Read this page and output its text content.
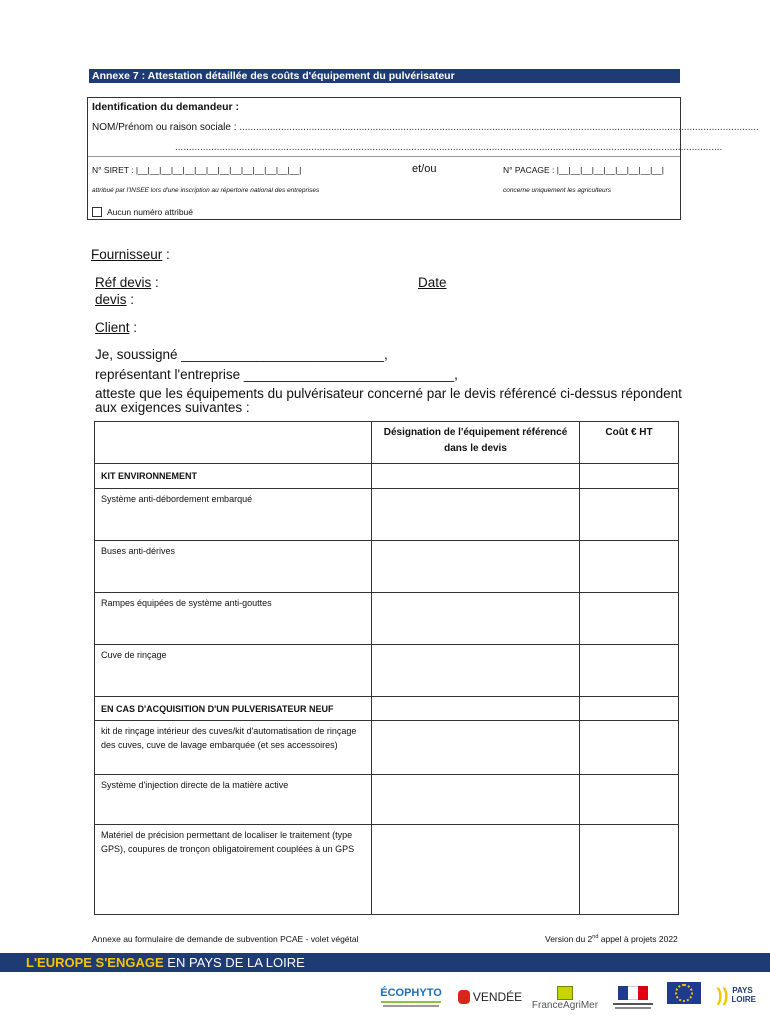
Annexe 7 : Attestation détaillée des coûts d'équipement du pulvérisateur
Identification du demandeur :
NOM/Prénom ou raison sociale : ...........................................................................................................................................................................................
.....................................................................................................................................................................................................
N° SIRET : |__|__|__|__|__|__|__|__|__|__|__|__|__|__|	et/ou	N° PACAGE : |__|__|__|__|__|__|__|__|__|
attribué par l'INSEE lors d'une inscription au répertoire national des entreprises	concerne uniquement les agriculteurs
Aucun numéro attribué
Fournisseur :
Réf devis :	Date
devis :
Client :
Je, soussigné ___________________________,
représentant l'entreprise ____________________________,
atteste que les équipements du pulvérisateur concerné par le devis référencé ci-dessus répondent aux exigences suivantes :
	Désignation de l'équipement référencé dans le devis	Coût € HT
KIT ENVIRONNEMENT		
Système anti-débordement embarqué		
Buses anti-dérives		
Rampes équipées de système anti-gouttes		
Cuve de rinçage		
EN CAS D'ACQUISITION D'UN PULVERISATEUR NEUF		
kit de rinçage intérieur des cuves/kit d'automatisation de rinçage des cuves, cuve de lavage embarquée (et ses accessoires)		
Système d'injection directe de la matière active		
Matériel de précision permettant de localiser le traitement (type GPS), coupures de tronçon obligatoirement couplées à un GPS		
Annexe au formulaire de demande de subvention PCAE - volet végétal	Version du 2nd appel à projets 2022
L'EUROPE S'ENGAGE EN PAYS DE LA LOIRE
ÉCOPHYTO	VENDÉE
FranceAgriMer
)) PAYS LOIRE
